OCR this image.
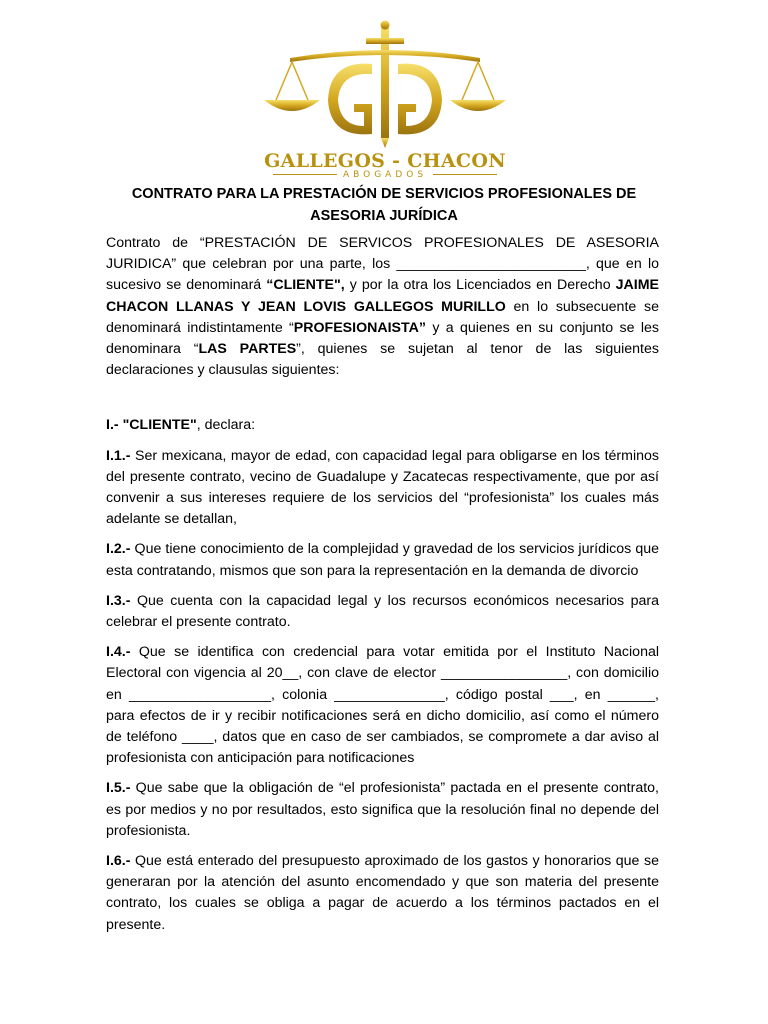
GALLEGOS - CHACON
ABOGADOS
CONTRATO PARA LA PRESTACIÓN DE SERVICIOS PROFESIONALES DE
ASESORIA JURÍDICA

Contrato de “PRESTACIÓN DE SERVICOS PROFESIONALES DE ASESORIA JURIDICA” que celebran por una parte, los ________________________, que en lo sucesivo se denominará “CLIENTE", y por la otra los Licenciados en Derecho JAIME CHACON LLANAS Y JEAN LOVIS GALLEGOS MURILLO en lo subsecuente se denominará indistintamente “PROFESIONAISTA” y a quienes en su conjunto se les denominara “LAS PARTES”, quienes se sujetan al tenor de las siguientes declaraciones y clausulas siguientes:

I.- "CLIENTE", declara:

I.1.- Ser mexicana, mayor de edad, con capacidad legal para obligarse en los términos del presente contrato, vecino de Guadalupe y Zacatecas respectivamente, que por así convenir a sus intereses requiere de los servicios del “profesionista” los cuales más adelante se detallan,

I.2.- Que tiene conocimiento de la complejidad y gravedad de los servicios jurídicos que esta contratando, mismos que son para la representación en la demanda de divorcio

I.3.- Que cuenta con la capacidad legal y los recursos económicos necesarios para celebrar el presente contrato.

I.4.- Que se identifica con credencial para votar emitida por el Instituto Nacional Electoral con vigencia al 20__, con clave de elector ________________, con domicilio en __________________, colonia ______________, código postal ___, en ______, para efectos de ir y recibir notificaciones será en dicho domicilio, así como el número de teléfono ____, datos que en caso de ser cambiados, se compromete a dar aviso al profesionista con anticipación para notificaciones

I.5.- Que sabe que la obligación de “el profesionista” pactada en el presente contrato, es por medios y no por resultados, esto significa que la resolución final no depende del profesionista.

I.6.- Que está enterado del presupuesto aproximado de los gastos y honorarios que se generaran por la atención del asunto encomendado y que son materia del presente contrato, los cuales se obliga a pagar de acuerdo a los términos pactados en el presente.
